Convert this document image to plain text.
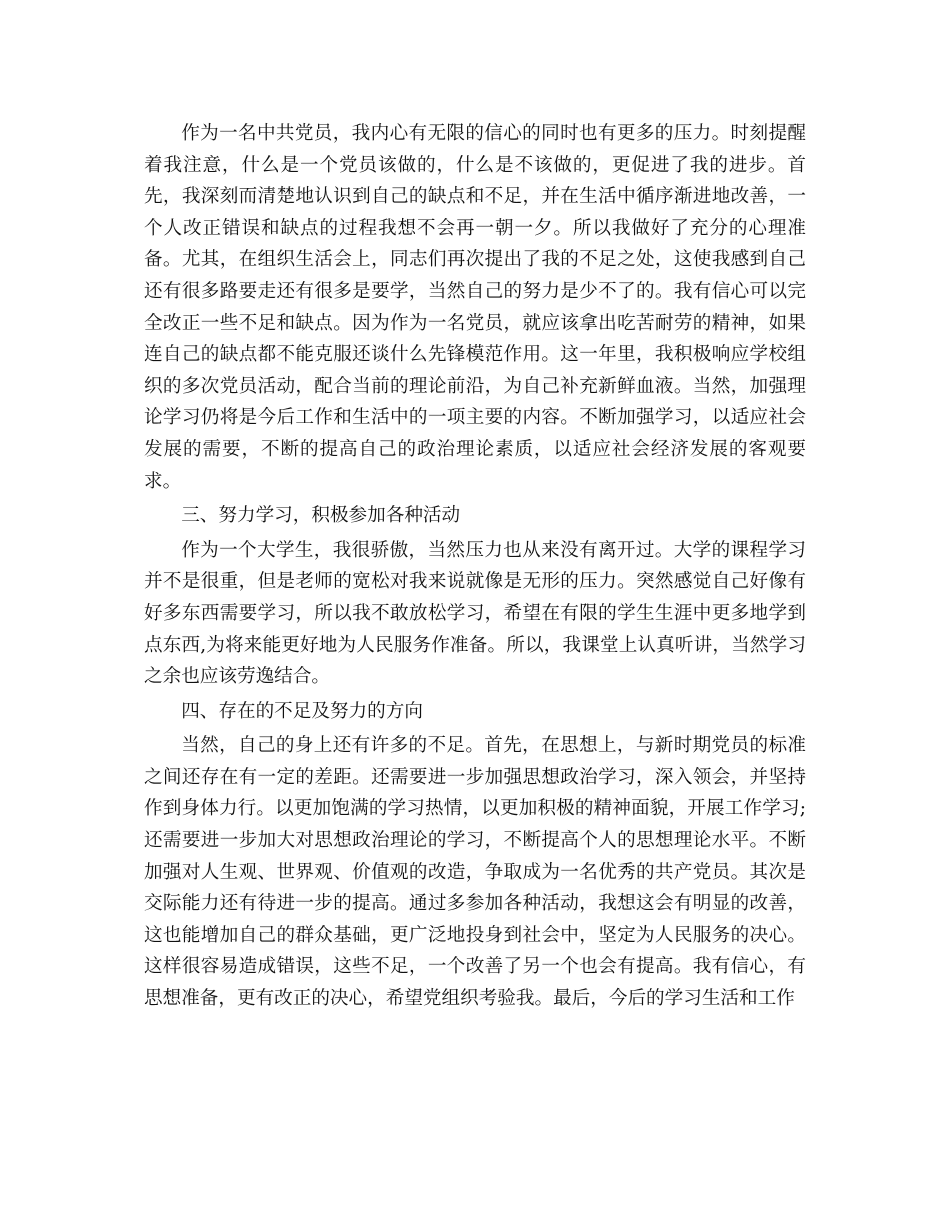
作为一名中共党员，我内心有无限的信心的同时也有更多的压力。时刻提醒着我注意，什么是一个党员该做的，什么是不该做的，更促进了我的进步。首先，我深刻而清楚地认识到自己的缺点和不足，并在生活中循序渐进地改善，一个人改正错误和缺点的过程我想不会再一朝一夕。所以我做好了充分的心理准备。尤其，在组织生活会上，同志们再次提出了我的不足之处，这使我感到自己还有很多路要走还有很多是要学，当然自己的努力是少不了的。我有信心可以完全改正一些不足和缺点。因为作为一名党员，就应该拿出吃苦耐劳的精神，如果连自己的缺点都不能克服还谈什么先锋模范作用。这一年里，我积极响应学校组织的多次党员活动，配合当前的理论前沿，为自己补充新鲜血液。当然，加强理论学习仍将是今后工作和生活中的一项主要的内容。不断加强学习，以适应社会发展的需要，不断的提高自己的政治理论素质，以适应社会经济发展的客观要求。

三、努力学习，积极参加各种活动

作为一个大学生，我很骄傲，当然压力也从来没有离开过。大学的课程学习并不是很重，但是老师的宽松对我来说就像是无形的压力。突然感觉自己好像有好多东西需要学习，所以我不敢放松学习，希望在有限的学生生涯中更多地学到点东西,为将来能更好地为人民服务作准备。所以，我课堂上认真听讲，当然学习之余也应该劳逸结合。

四、存在的不足及努力的方向

当然，自己的身上还有许多的不足。首先，在思想上，与新时期党员的标准之间还存在有一定的差距。还需要进一步加强思想政治学习，深入领会，并坚持作到身体力行。以更加饱满的学习热情，以更加积极的精神面貌，开展工作学习;还需要进一步加大对思想政治理论的学习，不断提高个人的思想理论水平。不断加强对人生观、世界观、价值观的改造，争取成为一名优秀的共产党员。其次是交际能力还有待进一步的提高。通过多参加各种活动，我想这会有明显的改善，这也能增加自己的群众基础，更广泛地投身到社会中，坚定为人民服务的决心。这样很容易造成错误，这些不足，一个改善了另一个也会有提高。我有信心，有思想准备，更有改正的决心，希望党组织考验我。最后，今后的学习生活和工作
